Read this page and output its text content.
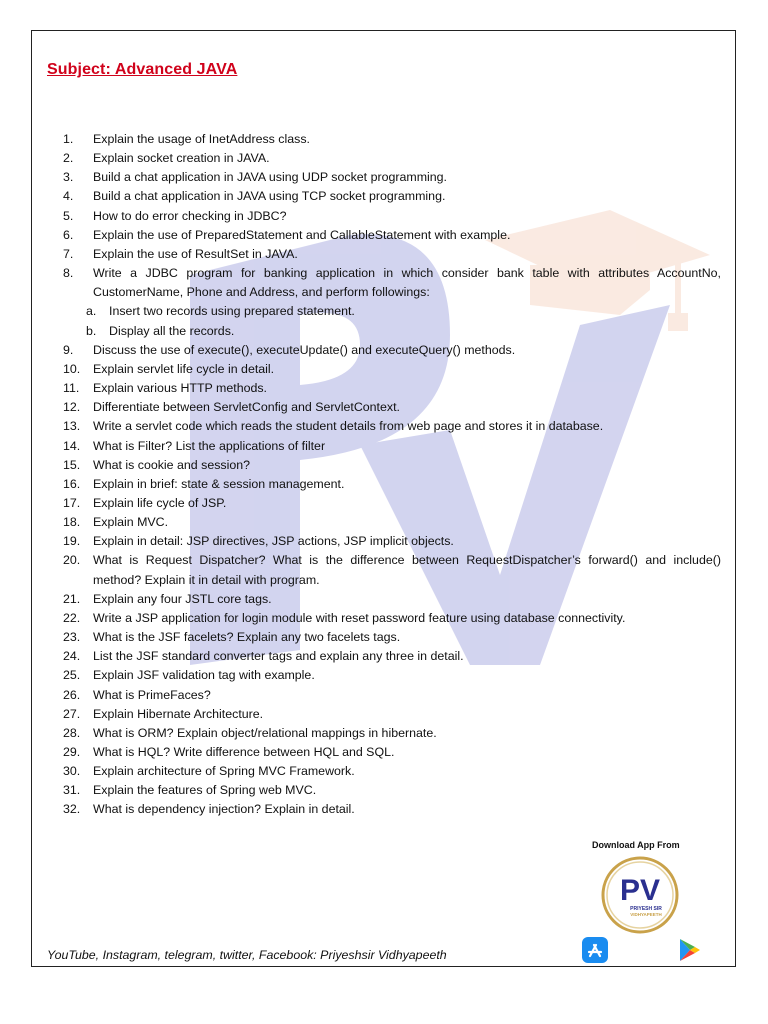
Subject: Advanced JAVA
1.	Explain the usage of InetAddress class.
2.	Explain socket creation in JAVA.
3.	Build a chat application in JAVA using UDP socket programming.
4.	Build a chat application in JAVA using TCP socket programming.
5.	How to do error checking in JDBC?
6.	Explain the use of PreparedStatement and CallableStatement with example.
7.	Explain the use of ResultSet in JAVA.
8.	Write a JDBC program for banking application in which consider bank table with attributes AccountNo, CustomerName, Phone and Address, and perform followings:
a.	Insert two records using prepared statement.
b.	Display all the records.
9.	Discuss the use of execute(), executeUpdate() and executeQuery() methods.
10.	Explain servlet life cycle in detail.
11.	Explain various HTTP methods.
12.	Differentiate between ServletConfig and ServletContext.
13.	Write a servlet code which reads the student details from web page and stores it in database.
14.	What is Filter? List the applications of filter
15.	What is cookie and session?
16.	Explain in brief: state & session management.
17.	Explain life cycle of JSP.
18.	Explain MVC.
19.	Explain in detail: JSP directives, JSP actions, JSP implicit objects.
20.	What is Request Dispatcher? What is the difference between RequestDispatcher’s forward() and include() method? Explain it in detail with program.
21.	Explain any four JSTL core tags.
22.	Write a JSP application for login module with reset password feature using database connectivity.
23.	What is the JSF facelets? Explain any two facelets tags.
24.	List the JSF standard converter tags and explain any three in detail.
25.	Explain JSF validation tag with example.
26.	What is PrimeFaces?
27.	Explain Hibernate Architecture.
28.	What is ORM? Explain object/relational mappings in hibernate.
29.	What is HQL? Write difference between HQL and SQL.
30.	Explain architecture of Spring MVC Framework.
31.	Explain the features of Spring web MVC.
32.	What is dependency injection? Explain in detail.
Download App From
PV
PRIYESH SIR
VIDHYAPEETH
YouTube, Instagram, telegram, twitter, Facebook: Priyeshsir Vidhyapeeth
